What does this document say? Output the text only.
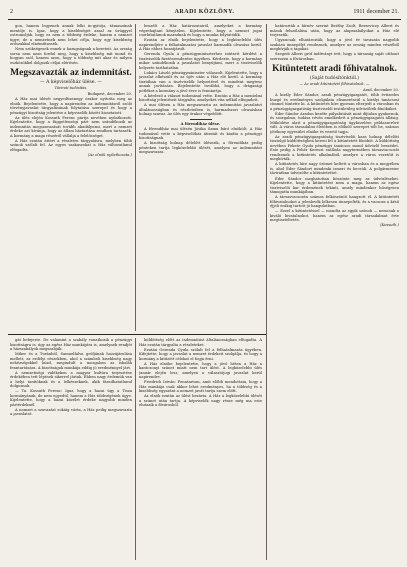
2	ARADI KÖZLÖNY.	1911 december 21.

gon, hanem legyenek annak lelki in-gyitója, támaszának mentője is. Igaz, hogy a kisebbséget azzal az ürüggyel ostromolják, hogy ez nem a többség érdeke, hanem a nemzet ügye; de a nemzetnek nem lehet célja, hogy egy kisebbség erőszakkal elnémíttassék.

Nem szükségesek ennek a hazugságnak a kereteit. Az ország sorsa nem azon fordul meg, hogy a kisebbség mit mond és hogyan szól, hanem azon, hogy a többség mit akar és milyen eszközökkel dolgozik céljai elérésén.

Megszavazták az indemnitást.
— A képviselőház ülése. —
Távirati tudósítás.
Budapest, december 20.

A Ház mai ülését negyedtizenegy órakor nyitotta meg az elnök. Bejelentette, hogy a napirenden az indemnitásról szóló törvényjavaslat tárgyalásának folytatása szerepel és hogy a pénzügyi bizottság jelentése a képviselők között kiosztatott.

Az ülés elején Kossuth Ferenc pártja nevében nyilatkozott. Kijelentette, hogy a függetlenségi párt nem szándékozik az indemnitás megszavazását tovább akadályozni, mert a nemzet érdeke azt kívánja, hogy az állam háztartása rendben tartassék. A kormány a maga részéről vállalja a felelősséget.

A Ház ezután áttért a részletes tárgyalásra, melyben több szónok szólalt fel. Az egyes szakaszokat a Ház változatlanul elfogadta.

(Az elnök nyilatkozata.)

beszélt a Ház határozatairól, amelyeket a kormány végrehajtani kénytelen. Kijelentette, hogy a nemzet jogai csorbítatlanok maradnak és hogy a munka folytatódik.

Ezután az elnök bejelentette, hogy a legközelebbi ülés napirendjére a felhatalmazási javaslat harmadik olvasása kerül. A Ház ehhez hozzájárult.

Gerenda Gyula a pénzügyminiszterhez intézett kérdést a tisztviselők fizetésrendezése ügyében. Kérdezte, hogy a kormány mikor szándékozik a javaslatot benyújtani, mert a tisztviselők helyzete tarthatatlan.

Lukács László pénzügyminiszter válaszolt. Kijelentette, hogy a javaslat elkészült és az újév után a Ház elé kerül. A kormány tisztában van a tisztviselők helyzetével és mindent megtesz annak javítására. Bejelentette továbbá, hogy a drágasági pótlékot a kormány a jövő évre is fenntartja.

A kérdező a választ tudomásul vette. Ezután a Ház a mentelmi bizottság jelentéseit tárgyalta, amelyeket vita nélkül elfogadott.

A mai ülésen a Ház megszavazta az indemnitási javaslatot általánosságban és részleteiben is, harmadszori olvasásban holnap szavaz. Az ülés egy órakor végződött.

A főrendiház ülése.

A főrendiház mai ülésén Jósika Samu báró elnökölt. A Ház tudomásul vette a képviselőház átiratát és kiadta a pénzügyi bizottságnak.

A bizottság holnap délelőtt ülésezik, a főrendiház pedig pénteken tartja legközelebbi ülését, amelyen az indemnitást megszavazza.

határozták a hírnév szerint Beöthy Zsolt, Berzeviczy Albert és mások felszólalása után, hogy az alapszabályokat a Ház elé terjesztik.

Ugyancsak elhatározták, hogy a jövő év tavaszán nagyobb szabású ünnepélyt rendeznek, amelyre az ország minden részéből meghívják a tagokat.

Szegedi Albert gróf indítványt tett, hogy a társaság saját otthont szerezzen a fővárosban.

Kitüntetett aradi főhivatalnok.
(Saját tudósítónktól.)
— Az aradi kitüntetett főhivatalnok. —
Arad, december 20.

A király Éder Sándor, aradi pénzügyigazgatót, több évtizedes buzgó és eredményes szolgálata elismeréseül a királyi tanácsosi címmel tüntette ki. A kitüntetés híre gyorsan elterjedt a városban és a pénzügyigazgatóság tisztviselői testületileg üdvözölték főnöküket.

Éder Sándor Aradon kezdte pályafutását mint díjtalan gyakornok, és szorgalma, tudása révén emelkedett a pénzügyigazgatói állásig. Működése alatt a pénzügyigazgatóság ügykezelése példaszerűvé vált. A város társadalmi életében is előkelő szerepet tölt be, számos jótékony egyesület elnöke és vezető tagja.

Az aradi pénzügyigazgatóság tisztviselői kara holnap délelőtt tisztelgő küldöttségben keresi fel a kitüntetett főnököt. A küldöttség nevében Fekete Gyula pénzügyi tanácsos mond üdvözlő beszédet. Este pedig a Fehér Kereszt szálloda nagytermében társasvacsorát rendeznek a kitüntetés alkalmából, amelyre a város vezetőit is meghívták.

A kitüntetés híre nagy örömet keltett a városban és a megyében is, ahol Éder Sándort mindenki ismeri és becsüli. A polgármester táviratban üdvözölte a kitüntetettet.

Éder Sándor meghatottan köszönte meg az üdvözléseket. Kijelentette, hogy a kitüntetést nem a maga, hanem az egész tisztviselői kar érdemének tekinti, amely mindenkor hűségesen támogatta munkájában.

A társasvacsorán számos felköszöntő hangzott el. A kitüntetett főhivatalnokot a jelenlevők lelkesen ünnepelték, és a vacsora a késő éjjeli órákig tartott jó hangulatban.

— Ezzel a kitüntetéssel — mondta az egyik szónok — nemcsak a kiváló hivatalnokot, hanem az egész aradi társadalmat érte megtiszteltetés.

(Kossuth.)

gát befejezte. De valamint a szabály vonatkozik a pénzügyi bizottságra is, úgy az egész Ház munkájára is, amelynek rendjét a házszabályok megszabják.

Miker és a Turánból, Samuelfalva grófjának hozzájárulása mellett, az erdélyi részekben, ahol a számbeli kisebbség nagy nehézségekkel küzd, megindult a mozgalom az iskolák fenntartására. A bizottságok munkája eddig jó eredménnyel járt.

A nemzetiségi vidékeken a magyar kultúra terjesztése érdekében tett lépések sikerrel jártak. Ebben nagy érdemük van a helyi tanítóknak és a lelkészeknek, akik fáradhatatlanul dolgoznak.

— Ta. Kossuth Ferenc: Igaz, hogy a hazai ügy a Tisza kormányának, de nem egyedül, hanem a Ház többségének ügye. Kijelentette, hogy a hazai közélet érdeke nagyobb minden pártérdeknél.

A nemzet a szavazást sokáig várta, a Ház pedig megszavazta a javaslatot.

küldöttség előtt az indemnitást általánosságban elfogadta. A Ház ezután tárgyalta a részleteket.

Ezután Gerenda Gyula szólalt fel a felhatalmazás ügyében. Kifejtette, hogy a javaslat a nemzet érdekeit szolgálja, és hogy a kormány a kitűzött célokat el fogja érni.

A Ház elnöke bejelentette, hogy a jövő héten a Ház a karácsonyi szünet miatt nem tart ülést. A legközelebbi ülés január elején lesz, amelyen a választójogi javaslat kerül napirendre.

Friedrich István: Fenntartom, amit előbb mondottam, hogy a Ház munkája csak akkor lehet eredményes, ha a többség és a kisebbség egyaránt a nemzet javát tartja szem előtt.

Az elnök ezután az ülést bezárta. A Ház a legközelebbi ülését a szünet után tartja. A képviselők nagy része még ma este elutazik a fővárosból.
